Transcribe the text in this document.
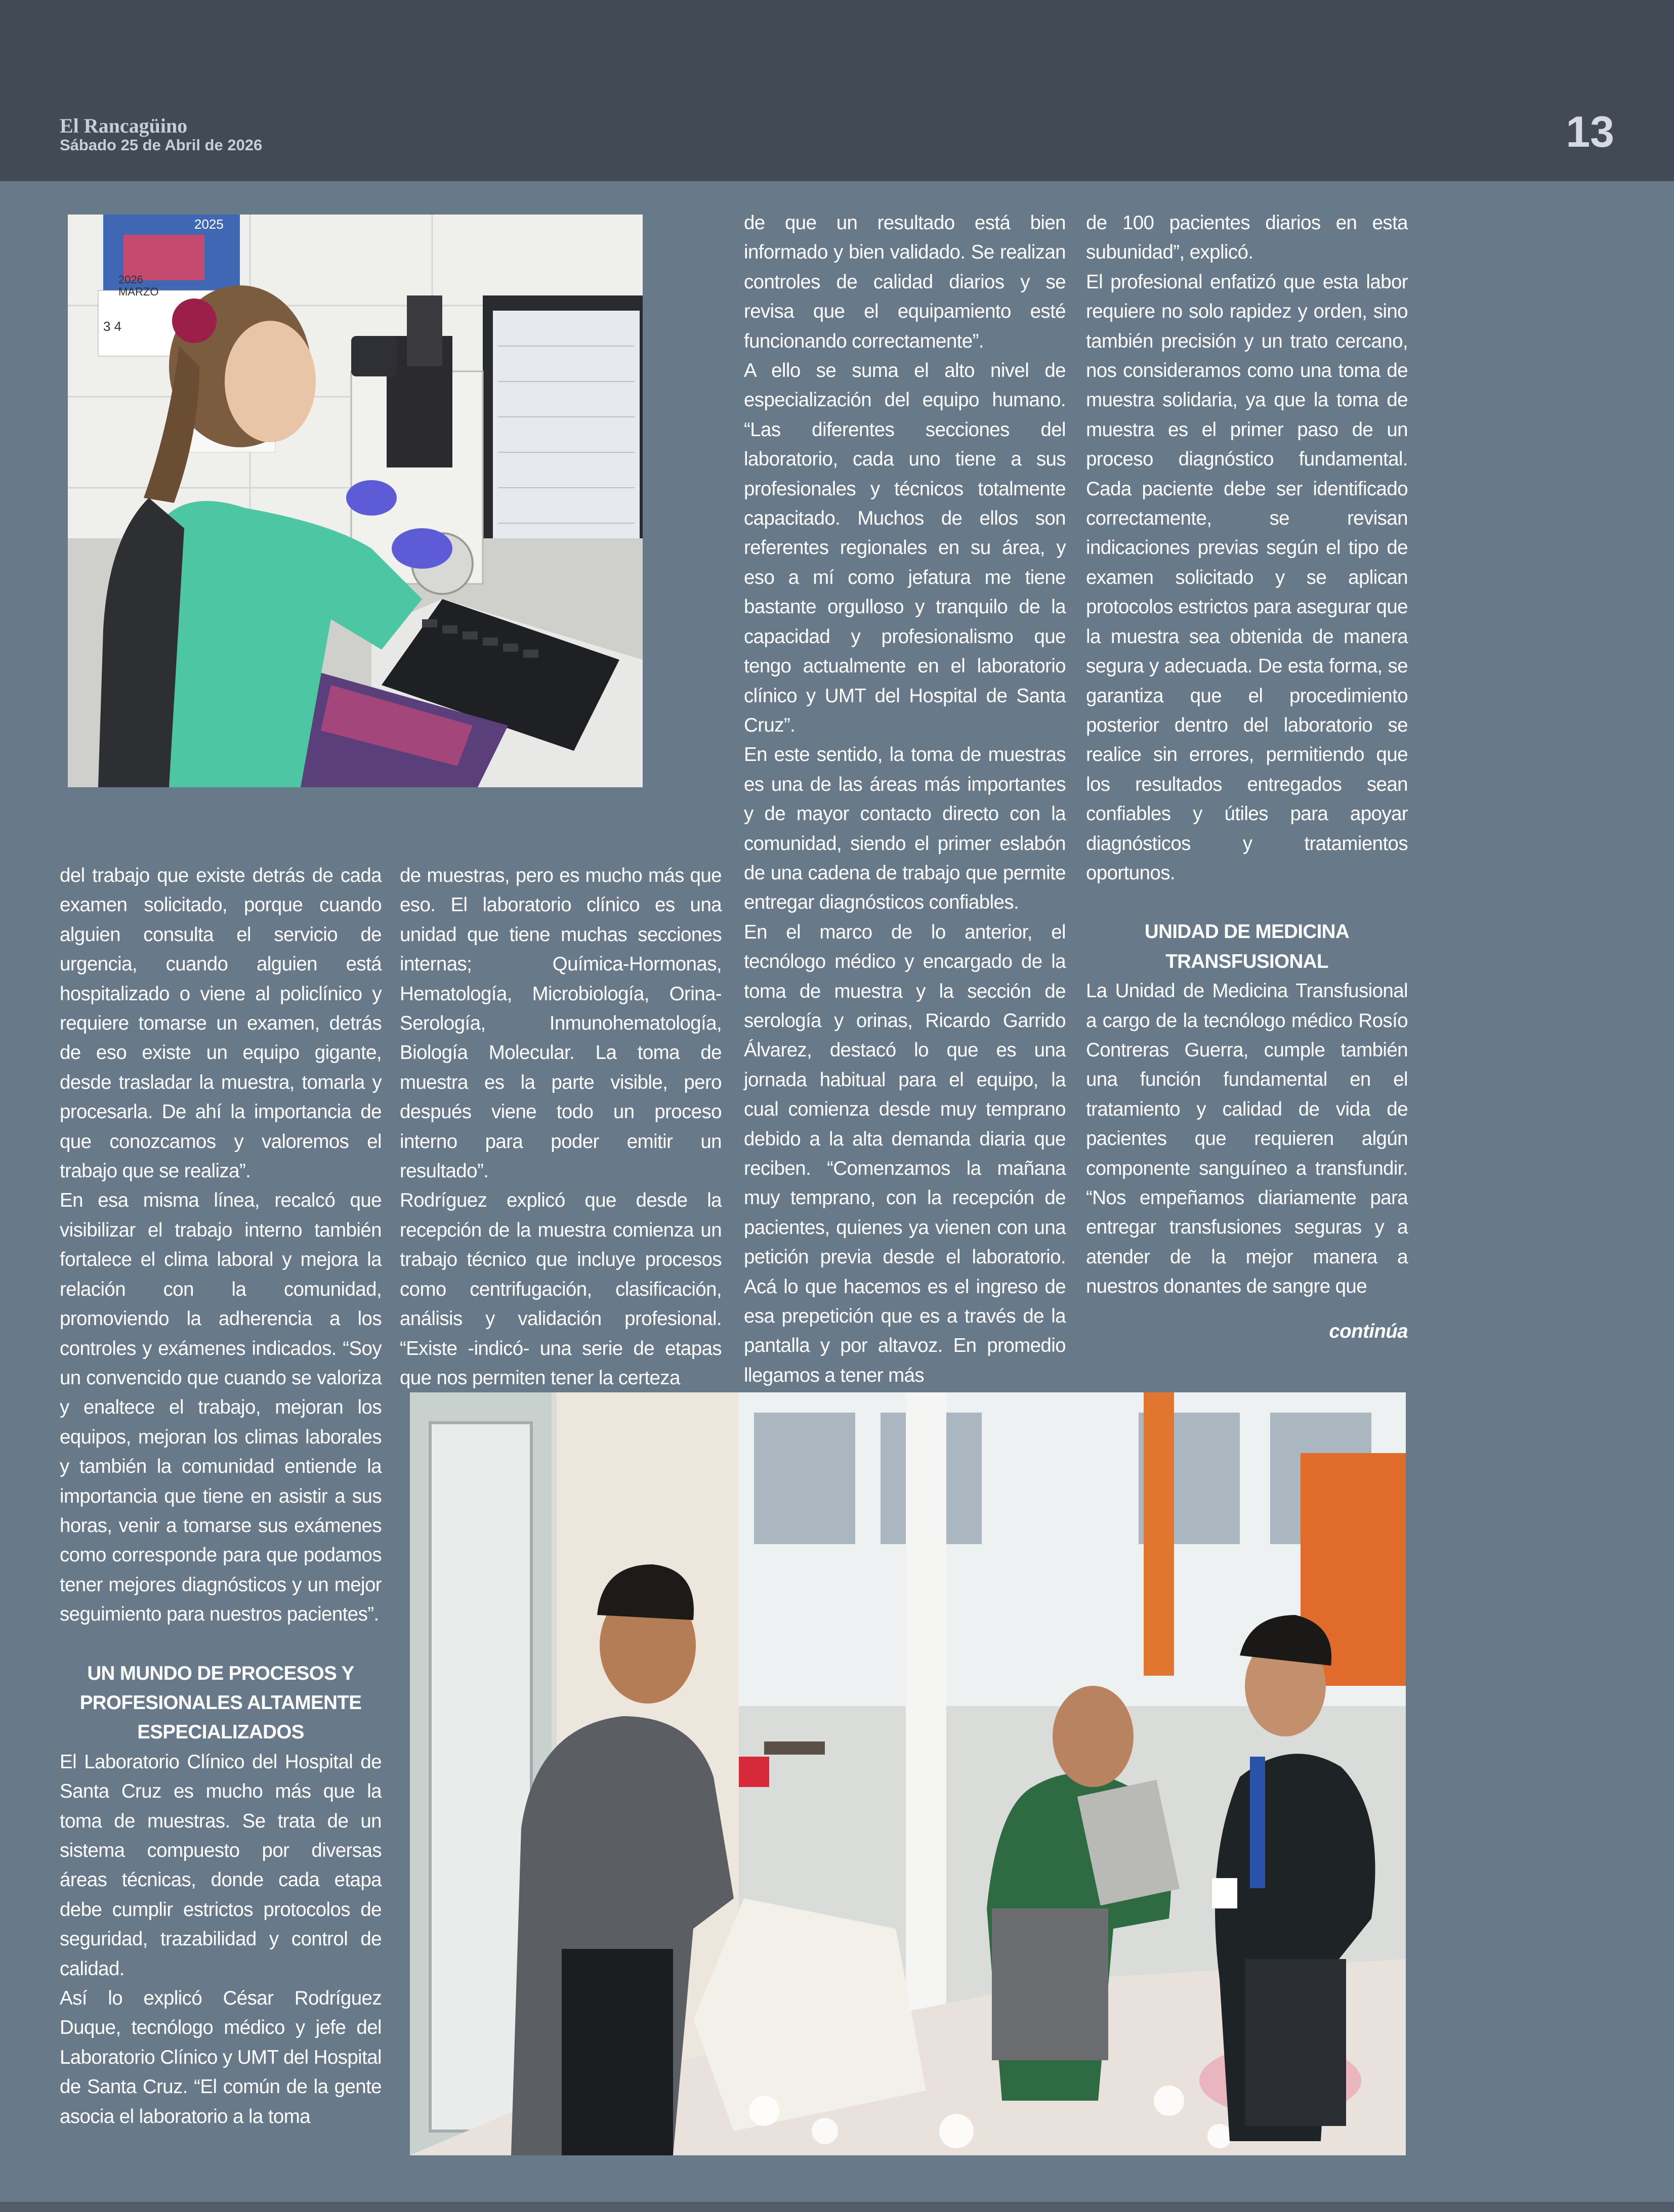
El Rancagüino

Sábado 25 de Abril de 2026	13

2025
2026
MARZO
3 4

del trabajo que existe detrás de cada examen solicitado, porque cuando alguien consulta el servicio de urgencia, cuando alguien está hospitalizado o viene al policlínico y requiere tomarse un examen, detrás de eso existe un equipo gigante, desde trasladar la muestra, tomarla y procesarla. De ahí la importancia de que conozcamos y valoremos el trabajo que se realiza”.

En esa misma línea, recalcó que visibilizar el trabajo interno también fortalece el clima laboral y mejora la relación con la comunidad, promoviendo la adherencia a los controles y exámenes indicados. “Soy un convencido que cuando se valoriza y enaltece el trabajo, mejoran los equipos, mejoran los climas laborales y también la comunidad entiende la importancia que tiene en asistir a sus horas, venir a tomarse sus exámenes como corresponde para que podamos tener mejores diagnósticos y un mejor seguimiento para nuestros pacientes”.

UN MUNDO DE PROCESOS Y PROFESIONALES ALTAMENTE ESPECIALIZADOS

El Laboratorio Clínico del Hospital de Santa Cruz es mucho más que la toma de muestras. Se trata de un sistema compuesto por diversas áreas técnicas, donde cada etapa debe cumplir estrictos protocolos de seguridad, trazabilidad y control de calidad.

Así lo explicó César Rodríguez Duque, tecnólogo médico y jefe del Laboratorio Clínico y UMT del Hospital de Santa Cruz. “El común de la gente asocia el laboratorio a la toma

de muestras, pero es mucho más que eso. El laboratorio clínico es una unidad que tiene muchas secciones internas; Química-Hormonas, Hematología, Microbiología, Orina-Serología, Inmunohematología, Biología Molecular. La toma de muestra es la parte visible, pero después viene todo un proceso interno para poder emitir un resultado”.

Rodríguez explicó que desde la recepción de la muestra comienza un trabajo técnico que incluye procesos como centrifugación, clasificación, análisis y validación profesional. “Existe -indicó- una serie de etapas que nos permiten tener la certeza

de que un resultado está bien informado y bien validado. Se realizan controles de calidad diarios y se revisa que el equipamiento esté funcionando correctamente”.

A ello se suma el alto nivel de especialización del equipo humano. “Las diferentes secciones del laboratorio, cada uno tiene a sus profesionales y técnicos totalmente capacitado. Muchos de ellos son referentes regionales en su área, y eso a mí como jefatura me tiene bastante orgulloso y tranquilo de la capacidad y profesionalismo que tengo actualmente en el laboratorio clínico y UMT del Hospital de Santa Cruz”.

En este sentido, la toma de muestras es una de las áreas más importantes y de mayor contacto directo con la comunidad, siendo el primer eslabón de una cadena de trabajo que permite entregar diagnósticos confiables.

En el marco de lo anterior, el tecnólogo médico y encargado de la toma de muestra y la sección de serología y orinas, Ricardo Garrido Álvarez, destacó lo que es una jornada habitual para el equipo, la cual comienza desde muy temprano debido a la alta demanda diaria que reciben. “Comenzamos la mañana muy temprano, con la recepción de pacientes, quienes ya vienen con una petición previa desde el laboratorio. Acá lo que hacemos es el ingreso de esa prepetición que es a través de la pantalla y por altavoz. En promedio llegamos a tener más

de 100 pacientes diarios en esta subunidad”, explicó.

El profesional enfatizó que esta labor requiere no solo rapidez y orden, sino también precisión y un trato cercano, nos consideramos como una toma de muestra solidaria, ya que la toma de muestra es el primer paso de un proceso diagnóstico fundamental. Cada paciente debe ser identificado correctamente, se revisan indicaciones previas según el tipo de examen solicitado y se aplican protocolos estrictos para asegurar que la muestra sea obtenida de manera segura y adecuada. De esta forma, se garantiza que el procedimiento posterior dentro del laboratorio se realice sin errores, permitiendo que los resultados entregados sean confiables y útiles para apoyar diagnósticos y tratamientos oportunos.

UNIDAD DE MEDICINA TRANSFUSIONAL

La Unidad de Medicina Transfusional a cargo de la tecnólogo médico Rosío Contreras Guerra, cumple también una función fundamental en el tratamiento y calidad de vida de pacientes que requieren algún componente sanguíneo a transfundir. “Nos empeñamos diariamente para entregar transfusiones seguras y a atender de la mejor manera a nuestros donantes de sangre que

continúa
